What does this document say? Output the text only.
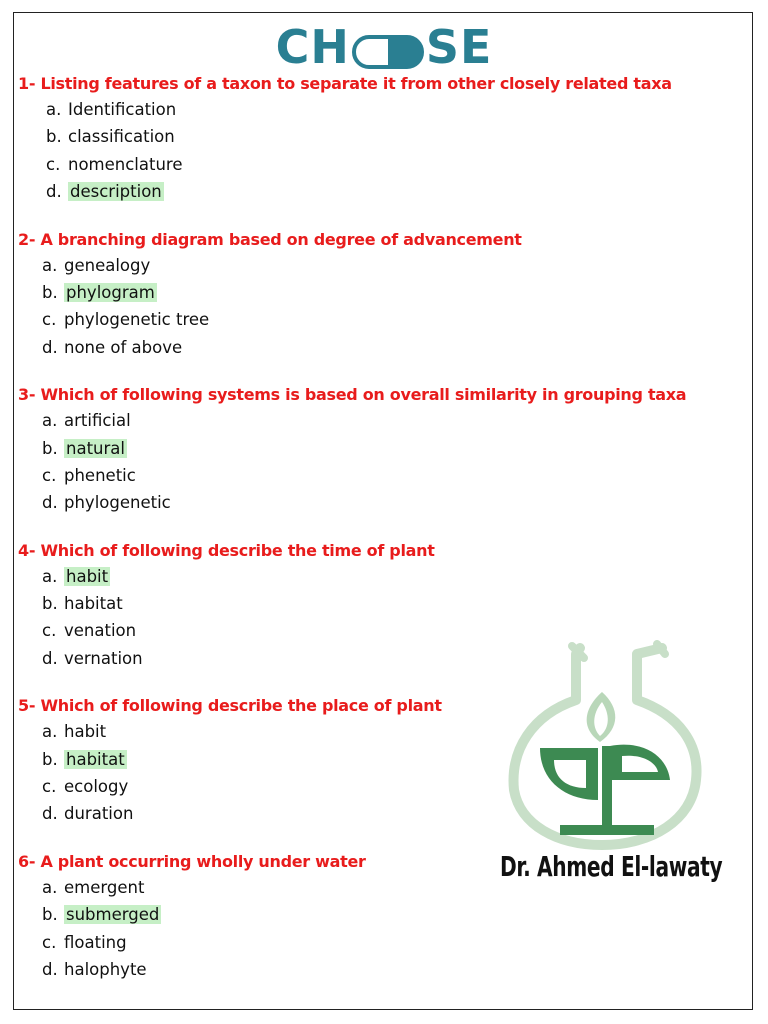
CH SE
1- Listing features of a taxon to separate it from other closely related taxa
a. Identification
b. classification
c. nomenclature
d. description
2- A branching diagram based on degree of advancement
a. genealogy
b. phylogram
c. phylogenetic tree
d. none of above
3- Which of following systems is based on overall similarity in grouping taxa
a. artificial
b. natural
c. phenetic
d. phylogenetic
4- Which of following describe the time of plant
a. habit
b. habitat
c. venation
d. vernation
5- Which of following describe the place of plant
a. habit
b. habitat
c. ecology
d. duration
6- A plant occurring wholly under water
a. emergent
b. submerged
c. floating
d. halophyte
Dr. Ahmed El-lawaty
